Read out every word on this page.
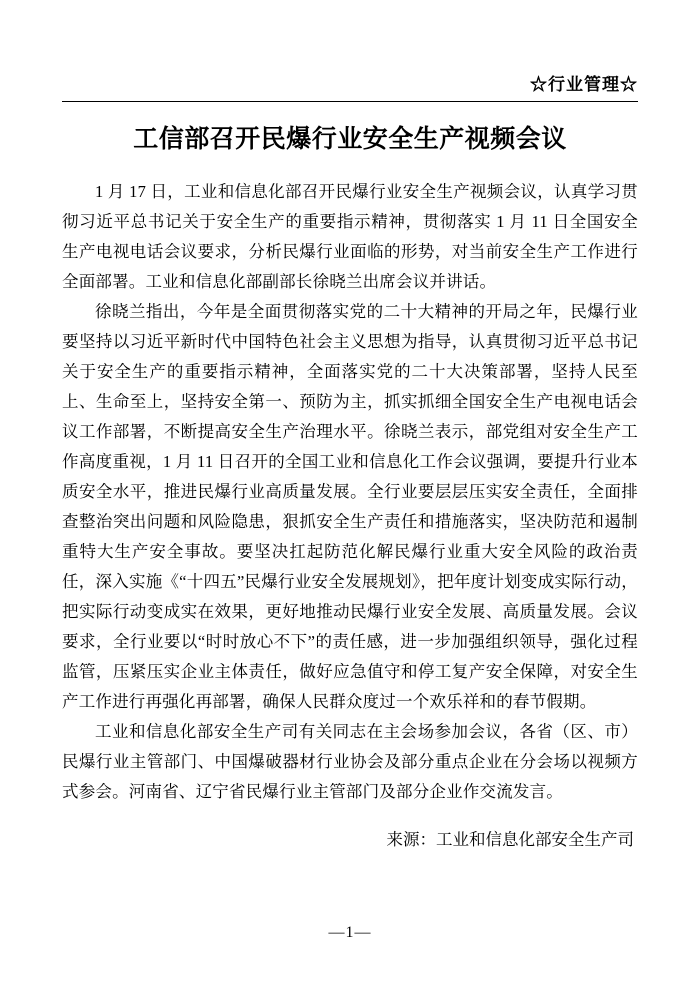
☆行业管理☆
工信部召开民爆行业安全生产视频会议

1 月 17 日，工业和信息化部召开民爆行业安全生产视频会议，认真学习贯彻习近平总书记关于安全生产的重要指示精神，贯彻落实 1 月 11 日全国安全生产电视电话会议要求，分析民爆行业面临的形势，对当前安全生产工作进行全面部署。工业和信息化部副部长徐晓兰出席会议并讲话。

徐晓兰指出，今年是全面贯彻落实党的二十大精神的开局之年，民爆行业要坚持以习近平新时代中国特色社会主义思想为指导，认真贯彻习近平总书记关于安全生产的重要指示精神，全面落实党的二十大决策部署，坚持人民至上、生命至上，坚持安全第一、预防为主，抓实抓细全国安全生产电视电话会议工作部署，不断提高安全生产治理水平。徐晓兰表示，部党组对安全生产工作高度重视，1 月 11 日召开的全国工业和信息化工作会议强调，要提升行业本质安全水平，推进民爆行业高质量发展。全行业要层层压实安全责任，全面排查整治突出问题和风险隐患，狠抓安全生产责任和措施落实，坚决防范和遏制重特大生产安全事故。要坚决扛起防范化解民爆行业重大安全风险的政治责任，深入实施《“十四五”民爆行业安全发展规划》，把年度计划变成实际行动，把实际行动变成实在效果，更好地推动民爆行业安全发展、高质量发展。会议要求，全行业要以“时时放心不下”的责任感，进一步加强组织领导，强化过程监管，压紧压实企业主体责任，做好应急值守和停工复产安全保障，对安全生产工作进行再强化再部署，确保人民群众度过一个欢乐祥和的春节假期。

工业和信息化部安全生产司有关同志在主会场参加会议，各省（区、市）民爆行业主管部门、中国爆破器材行业协会及部分重点企业在分会场以视频方式参会。河南省、辽宁省民爆行业主管部门及部分企业作交流发言。

来源：工业和信息化部安全生产司
—1—
